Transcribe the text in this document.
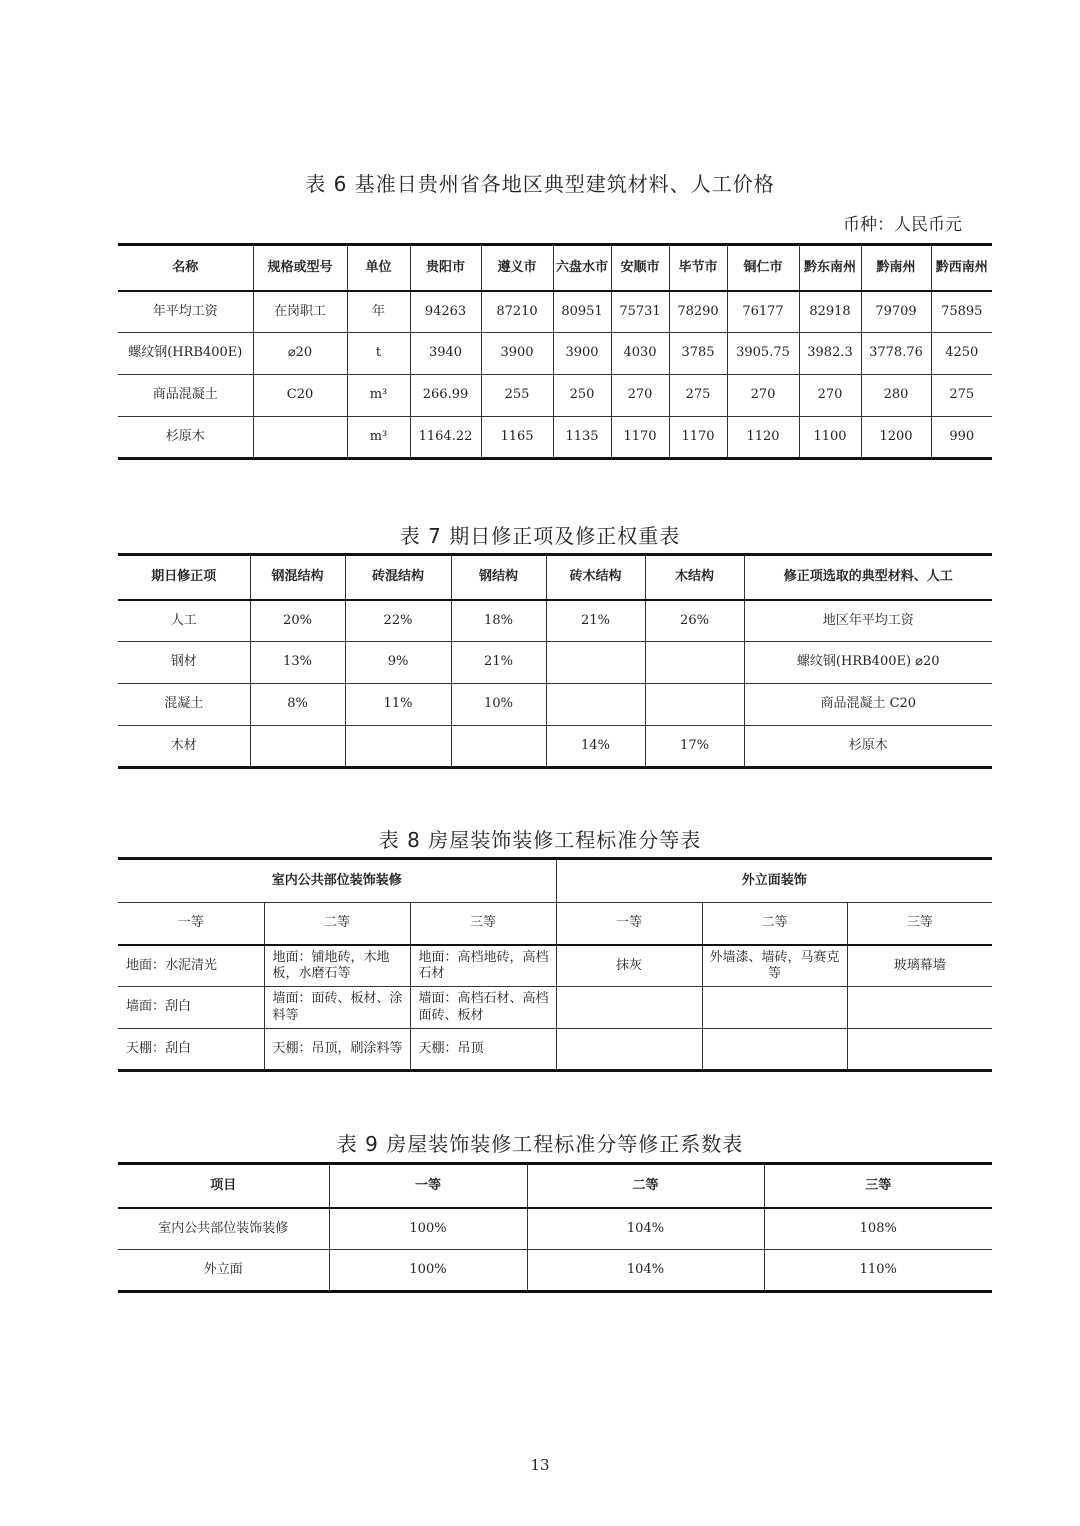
表 6 基准日贵州省各地区典型建筑材料、人工价格
币种：人民币元
名称	规格或型号	单位	贵阳市	遵义市	六盘水市	安顺市	毕节市	铜仁市	黔东南州	黔南州	黔西南州
年平均工资	在岗职工	年	94263	87210	80951	75731	78290	76177	82918	79709	75895
螺纹钢(HRB400E)	⌀20	t	3940	3900	3900	4030	3785	3905.75	3982.3	3778.76	4250
商品混凝土	C20	m³	266.99	255	250	270	275	270	270	280	275
杉原木		m³	1164.22	1165	1135	1170	1170	1120	1100	1200	990
表 7 期日修正项及修正权重表
期日修正项	钢混结构	砖混结构	钢结构	砖木结构	木结构	修正项选取的典型材料、人工
人工	20%	22%	18%	21%	26%	地区年平均工资
钢材	13%	9%	21%			螺纹钢(HRB400E) ⌀20
混凝土	8%	11%	10%			商品混凝土 C20
木材				14%	17%	杉原木
表 8 房屋装饰装修工程标准分等表
室内公共部位装饰装修			外立面装饰		
一等	二等	三等	一等	二等	三等
地面：水泥清光	地面：铺地砖，木地板，水磨石等	地面：高档地砖，高档石材	抹灰	外墙漆、墙砖，马赛克等	玻璃幕墙
墙面：刮白	墙面：面砖、板材、涂料等	墙面：高档石材、高档面砖、板材			
天棚：刮白	天棚：吊顶，刷涂料等	天棚：吊顶			
表 9 房屋装饰装修工程标准分等修正系数表
项目	一等	二等	三等
室内公共部位装饰装修	100%	104%	108%
外立面	100%	104%	110%
13
